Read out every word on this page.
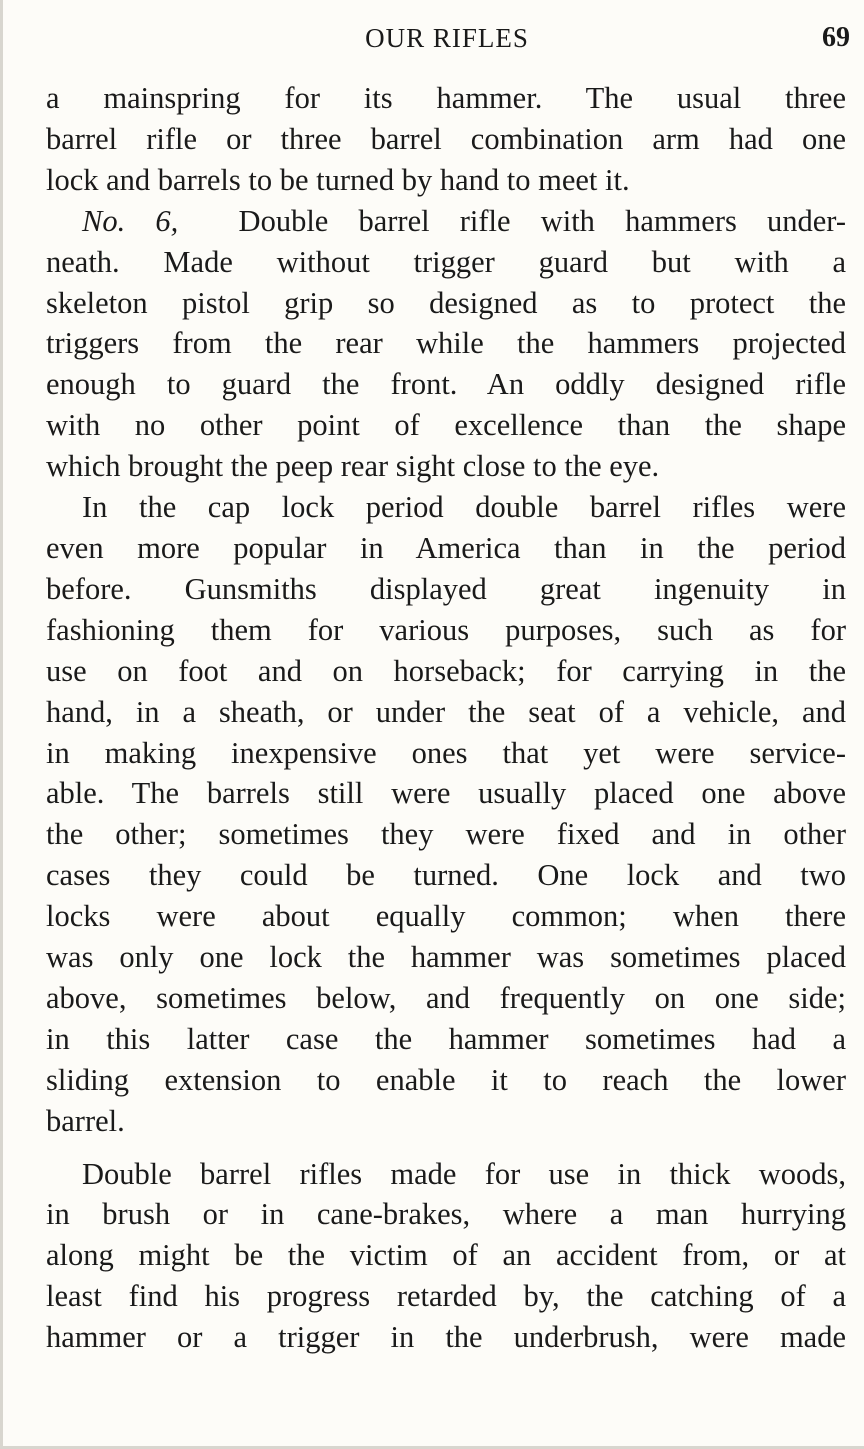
OUR RIFLES	69
a mainspring for its hammer. The usual three
barrel rifle or three barrel combination arm had one
lock and barrels to be turned by hand to meet it.
No. 6, Double barrel rifle with hammers under-
neath. Made without trigger guard but with a
skeleton pistol grip so designed as to protect the
triggers from the rear while the hammers projected
enough to guard the front. An oddly designed rifle
with no other point of excellence than the shape
which brought the peep rear sight close to the eye.
In the cap lock period double barrel rifles were
even more popular in America than in the period
before. Gunsmiths displayed great ingenuity in
fashioning them for various purposes, such as for
use on foot and on horseback; for carrying in the
hand, in a sheath, or under the seat of a vehicle, and
in making inexpensive ones that yet were service-
able. The barrels still were usually placed one above
the other; sometimes they were fixed and in other
cases they could be turned. One lock and two
locks were about equally common; when there
was only one lock the hammer was sometimes placed
above, sometimes below, and frequently on one side;
in this latter case the hammer sometimes had a
sliding extension to enable it to reach the lower
barrel.
Double barrel rifles made for use in thick woods,
in brush or in cane-brakes, where a man hurrying
along might be the victim of an accident from, or at
least find his progress retarded by, the catching of a
hammer or a trigger in the underbrush, were made
